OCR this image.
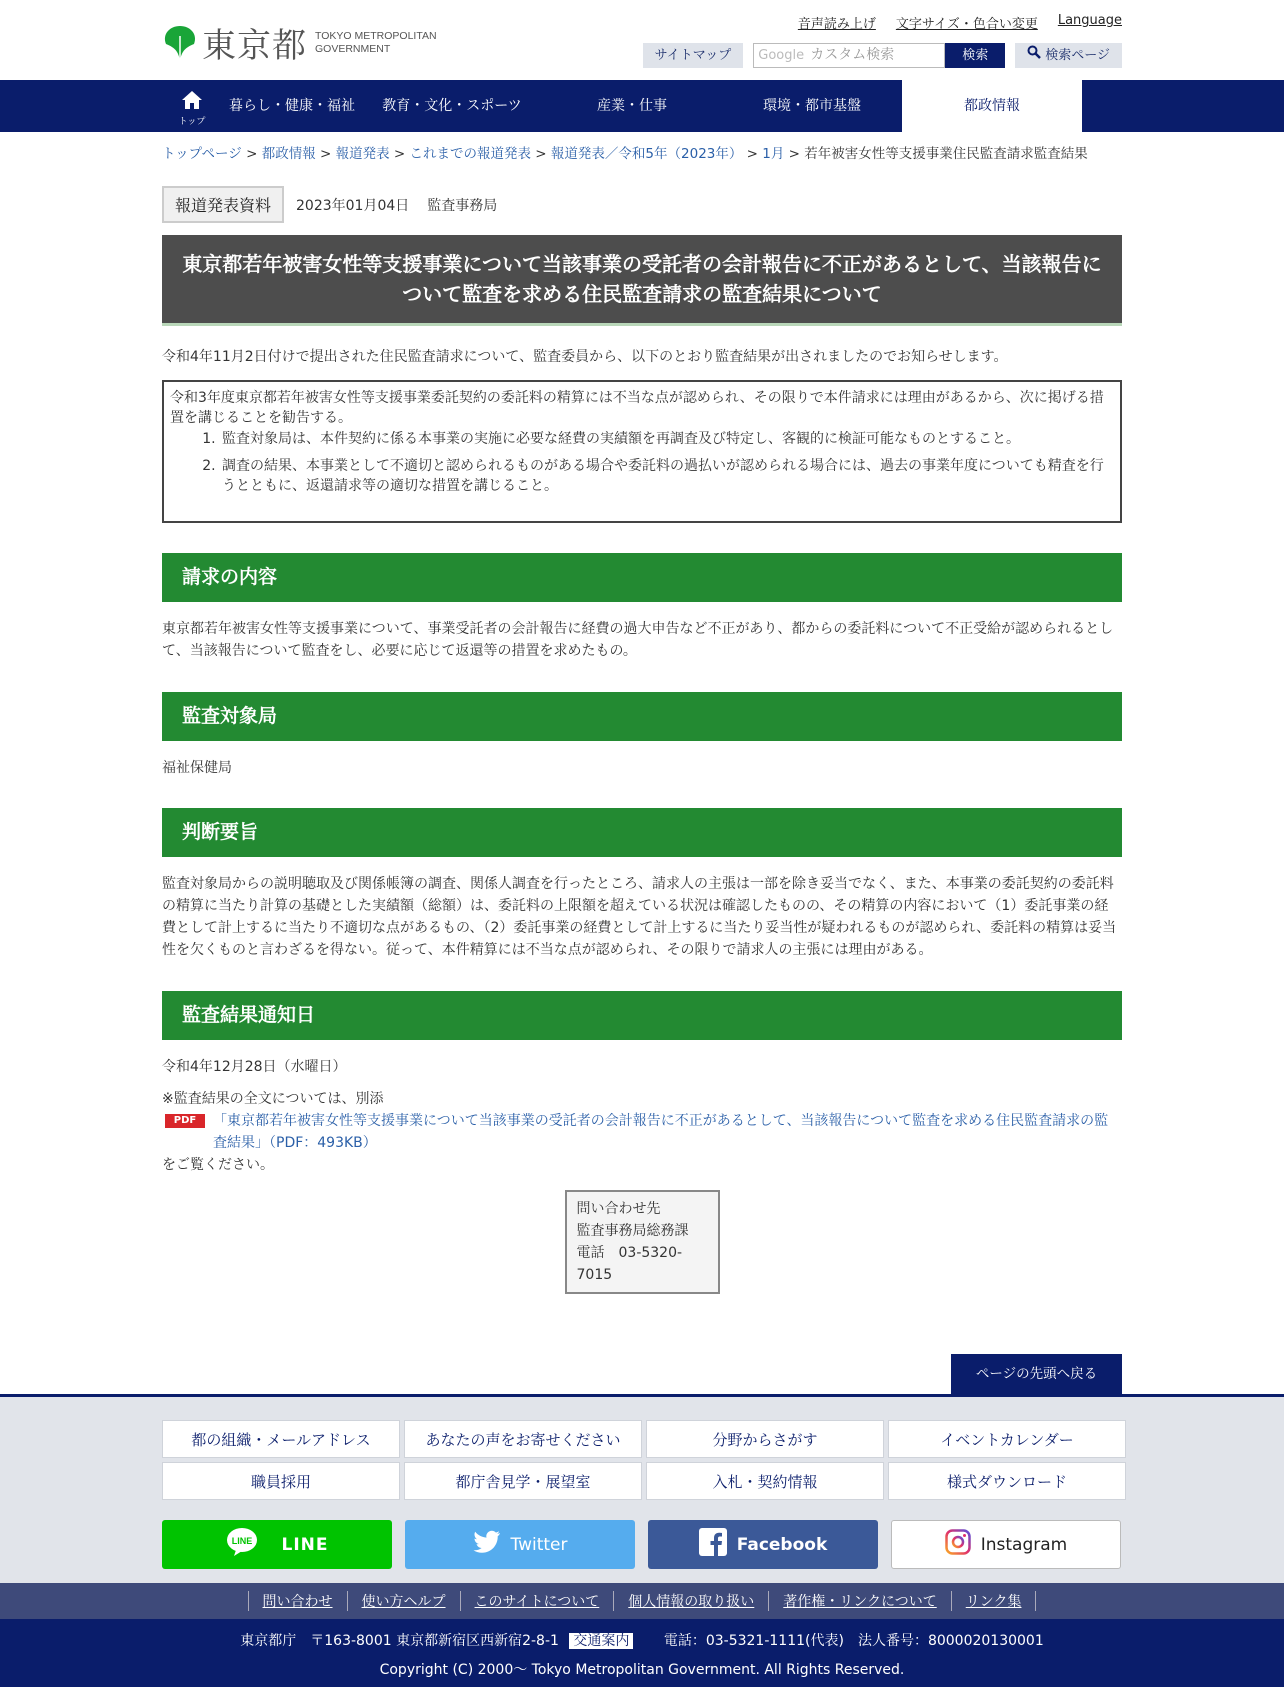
東京都 TOKYO METROPOLITAN
GOVERNMENT
音声読み上げ 文字サイズ・色合い変更 Language
サイトマップ	Google カスタム検索	検索	検索ページ
トップ
暮らし・健康・福祉	教育・文化・スポーツ	産業・仕事	環境・都市基盤	都政情報
トップページ > 都政情報 > 報道発表 > これまでの報道発表 > 報道発表／令和5年（2023年） > 1月 > 若年被害女性等支援事業住民監査請求監査結果
報道発表資料	2023年01月04日 監査事務局
東京都若年被害女性等支援事業について当該事業の受託者の会計報告に不正があるとして、当該報告について監査を求める住民監査請求の監査結果について

令和4年11月2日付けで提出された住民監査請求について、監査委員から、以下のとおり監査結果が出されましたのでお知らせします。

令和3年度東京都若年被害女性等支援事業委託契約の委託料の精算には不当な点が認められ、その限りで本件請求には理由があるから、次に掲げる措置を講じることを勧告する。
1. 監査対象局は、本件契約に係る本事業の実施に必要な経費の実績額を再調査及び特定し、客観的に検証可能なものとすること。
2. 調査の結果、本事業として不適切と認められるものがある場合や委託料の過払いが認められる場合には、過去の事業年度についても精査を行うとともに、返還請求等の適切な措置を講じること。
請求の内容

東京都若年被害女性等支援事業について、事業受託者の会計報告に経費の過大申告など不正があり、都からの委託料について不正受給が認められるとして、当該報告について監査をし、必要に応じて返還等の措置を求めたもの。

監査対象局

福祉保健局

判断要旨

監査対象局からの説明聴取及び関係帳簿の調査、関係人調査を行ったところ、請求人の主張は一部を除き妥当でなく、また、本事業の委託契約の委託料の精算に当たり計算の基礎とした実績額（総額）は、委託料の上限額を超えている状況は確認したものの、その精算の内容において（1）委託事業の経費として計上するに当たり不適切な点があるもの、（2）委託事業の経費として計上するに当たり妥当性が疑われるものが認められ、委託料の精算は妥当性を欠くものと言わざるを得ない。従って、本件精算には不当な点が認められ、その限りで請求人の主張には理由がある。

監査結果通知日

令和4年12月28日（水曜日）

※監査結果の全文については、別添
PDF	「東京都若年被害女性等支援事業について当該事業の受託者の会計報告に不正があるとして、当該報告について監査を求める住民監査請求の監査結果」（PDF：493KB）
をご覧ください。
問い合わせ先
監査事務局総務課
電話　03-5320-7015
ページの先頭へ戻る
都の組織・メールアドレス	あなたの声をお寄せください	分野からさがす	イベントカレンダー
職員採用	都庁舎見学・展望室	入札・契約情報	様式ダウンロード
LINE LINE	Twitter	Facebook	Instagram
問い合わせ	使い方ヘルプ	このサイトについて	個人情報の取り扱い	著作権・リンクについて	リンク集
東京都庁　〒163-8001 東京都新宿区西新宿2-8-1 交通案内 電話：03-5321-1111(代表)　法人番号：8000020130001
Copyright (C) 2000～ Tokyo Metropolitan Government. All Rights Reserved.
